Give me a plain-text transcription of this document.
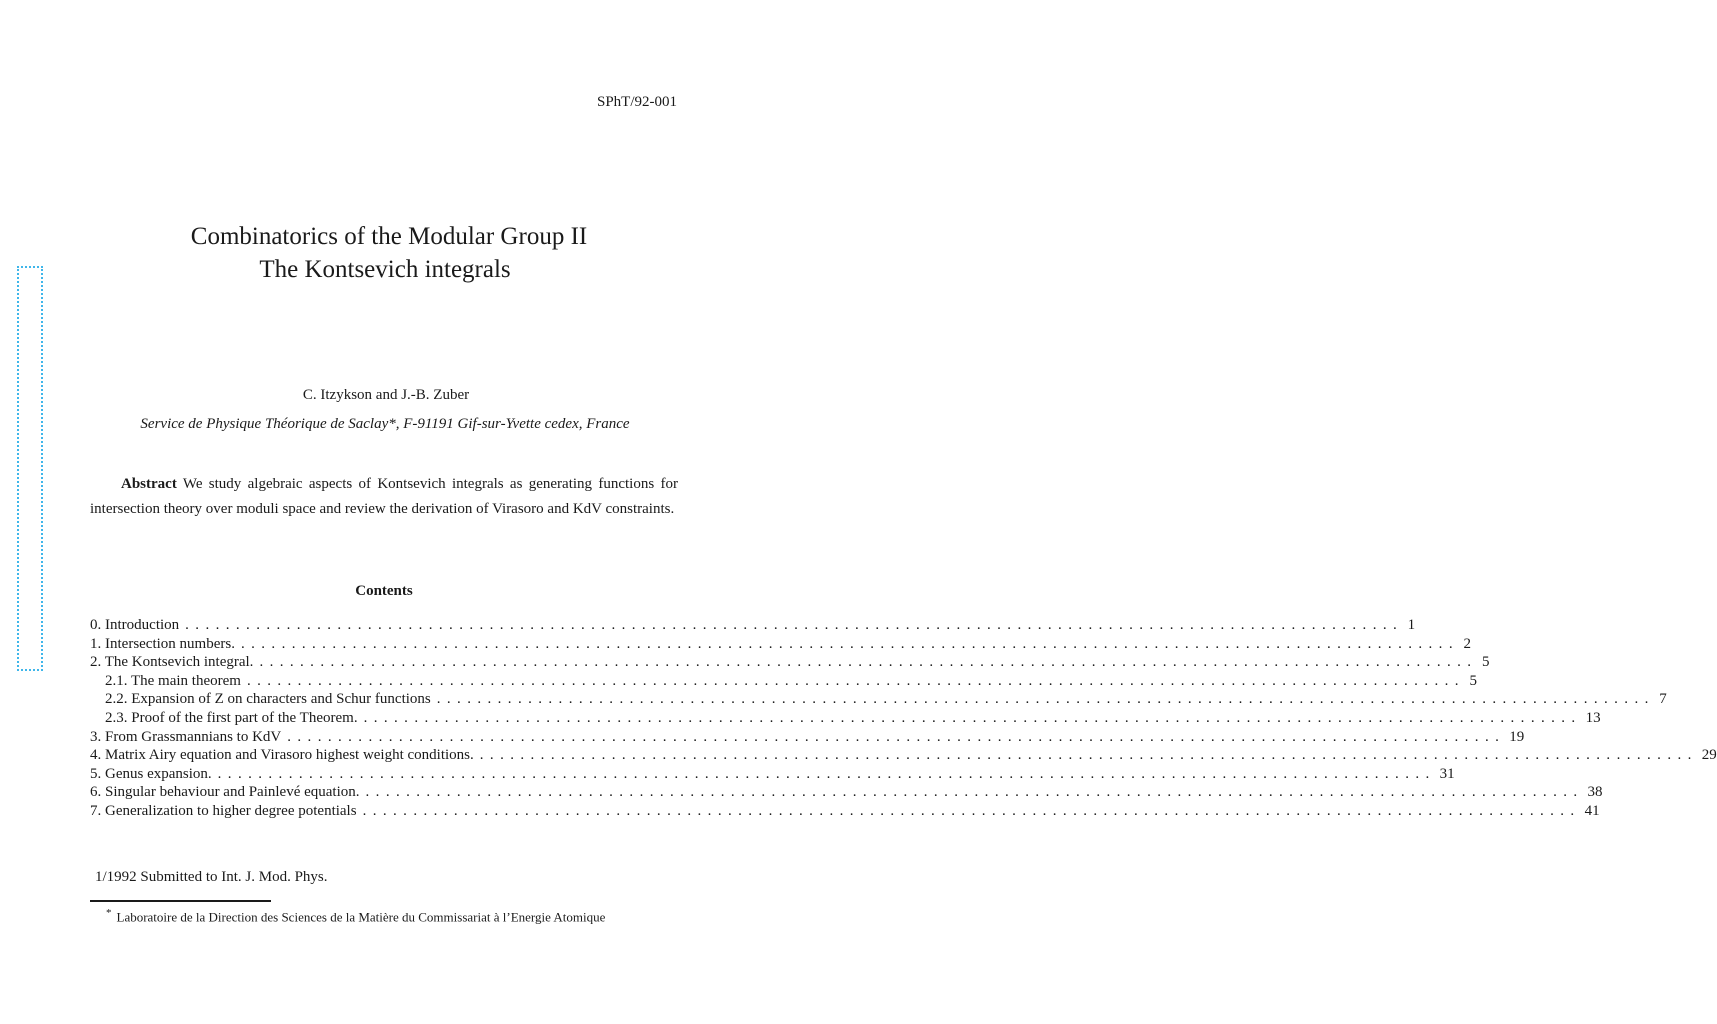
SPhT/92-001
Combinatorics of the Modular Group II
The Kontsevich integrals
C. Itzykson and J.-B. Zuber
Service de Physique Théorique de Saclay*, F-91191 Gif-sur-Yvette cedex, France
Abstract We study algebraic aspects of Kontsevich integrals as generating functions for intersection theory over moduli space and review the derivation of Virasoro and KdV constraints.
Contents
0. Introduction ........................................................................................................................ 1
1. Intersection numbers. ........................................................................................................................ 2
2. The Kontsevich integral. ........................................................................................................................ 5
2.1. The main theorem ........................................................................................................................ 5
2.2. Expansion of Z on characters and Schur functions ........................................................................................................................ 7
2.3. Proof of the first part of the Theorem. ........................................................................................................................ 13
3. From Grassmannians to KdV ........................................................................................................................ 19
4. Matrix Airy equation and Virasoro highest weight conditions. ........................................................................................................................ 29
5. Genus expansion. ........................................................................................................................ 31
6. Singular behaviour and Painlevé equation. ........................................................................................................................ 38
7. Generalization to higher degree potentials ........................................................................................................................ 41
1/1992 Submitted to Int. J. Mod. Phys.
* Laboratoire de la Direction des Sciences de la Matière du Commissariat à l’Energie Atomique
